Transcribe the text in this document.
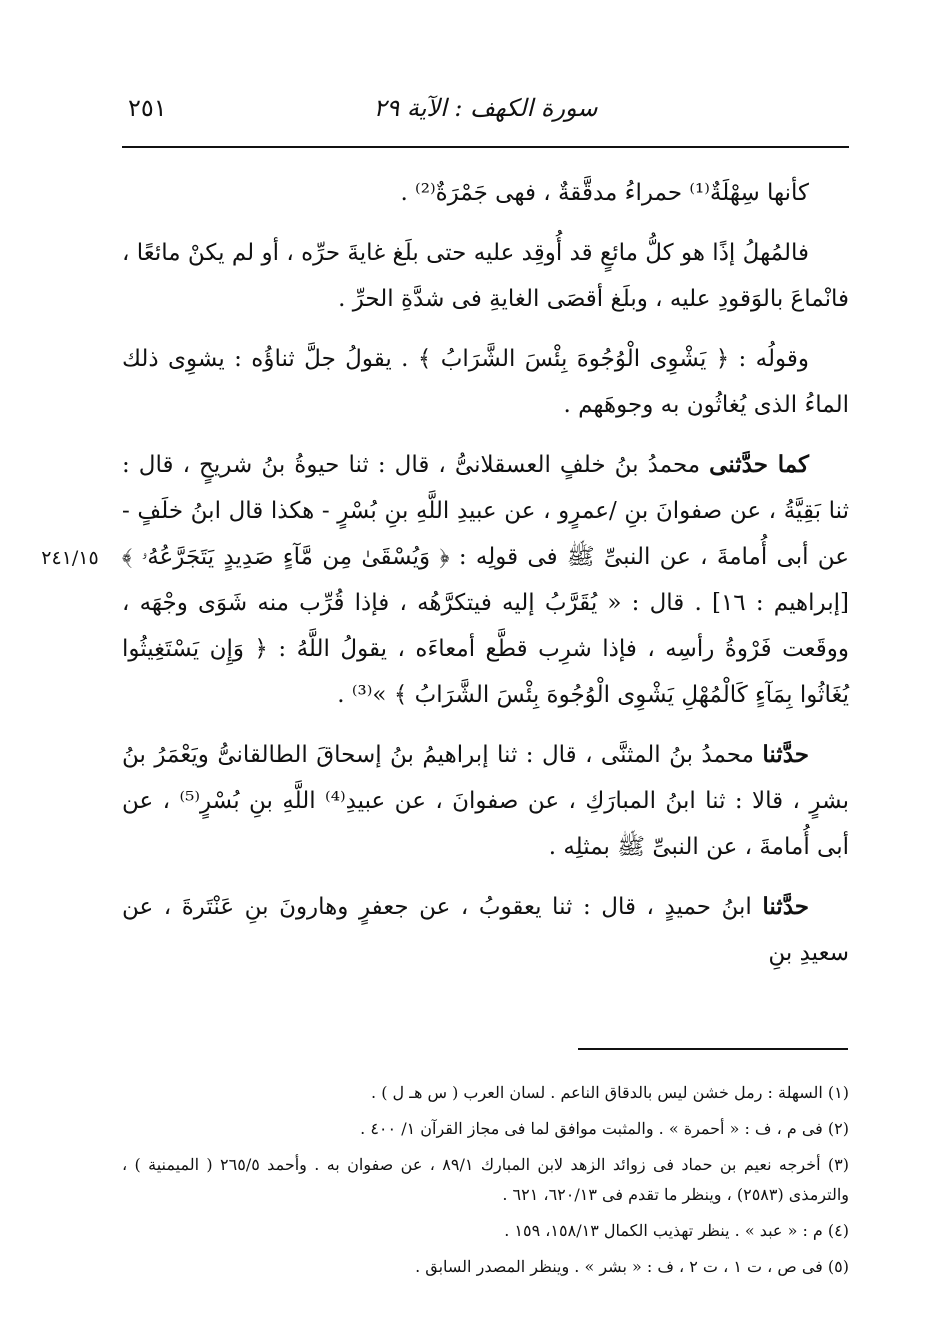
سورة الكهف : الآية ٢٩
٢٥١
٢٤١/١٥

كأنها سِهْلَةٌ⁽¹⁾ حمراءُ مدقَّقةٌ ، فهى جَمْرَةٌ⁽²⁾ .

فالمُهلُ إذًا هو كلُّ مائعٍ قد أُوقِد عليه حتى بلَغ غايةَ حرِّه ، أو لم يكنْ مائعًا ، فانْماعَ بالوَقودِ عليه ، وبلَغ أقصَى الغايةِ فى شدَّةِ الحرِّ .

وقولُه : ﴿ يَشْوِى الْوُجُوهَ بِئْسَ الشَّرَابُ ﴾ . يقولُ جلَّ ثناؤُه : يشوِى ذلك الماءُ الذى يُغاثُون به وجوهَهم .

كما حدَّثنى محمدُ بنُ خلفٍ العسقلانىُّ ، قال : ثنا حيوةُ بنُ شريحٍ ، قال : ثنا بَقِيَّةُ ، عن صفوانَ بنِ /عمرٍو ، عن عبيدِ اللَّهِ بنِ بُسْرٍ - هكذا قال ابنُ خلَفٍ - عن أبى أُمامةَ ، عن النبىِّ ﷺ فى قولِه : ﴿ وَيُسْقَىٰ مِن مَّآءٍ صَدِيدٍ يَتَجَرَّعُهُۥ ﴾ [إبراهيم : ١٦] . قال : « يُقَرَّبُ إليه فيتكرَّهُه ، فإذا قُرِّب منه شَوَى وجْهَه ، ووقَعت فَرْوةُ رأسِه ، فإذا شرِب قطَّع أمعاءَه ، يقولُ اللَّهُ : ﴿ وَإِن يَسْتَغِيثُوا يُغَاثُوا بِمَآءٍ كَالْمُهْلِ يَشْوِى الْوُجُوهَ بِئْسَ الشَّرَابُ ﴾ »⁽³⁾ .

حدَّثنا محمدُ بنُ المثنَّى ، قال : ثنا إبراهيمُ بنُ إسحاقَ الطالقانىُّ ويَعْمَرُ بنُ بشرٍ ، قالا : ثنا ابنُ المبارَكِ ، عن صفوانَ ، عن عبيدِ⁽⁴⁾ اللَّهِ بنِ بُسْرٍ⁽⁵⁾ ، عن أبى أُمامةَ ، عن النبىِّ ﷺ بمثلِه .

حدَّثنا ابنُ حميدٍ ، قال : ثنا يعقوبُ ، عن جعفرٍ وهارونَ بنِ عَنْتَرةَ ، عن سعيدِ بنِ

(١) السهلة : رمل خشن ليس بالدقاق الناعم . لسان العرب ( س هـ ل ) .

(٢) فى م ، ف : « أحمرة » . والمثبت موافق لما فى مجاز القرآن ١/ ٤٠٠ .

(٣) أخرجه نعيم بن حماد فى زوائد الزهد لابن المبارك ٨٩/١ ، عن صفوان به . وأحمد ٢٦٥/٥ ( الميمنية ) ، والترمذى (٢٥٨٣) ، وينظر ما تقدم فى ٦٢٠/١٣، ٦٢١ .

(٤) م : « عبد » . ينظر تهذيب الكمال ١٥٨/١٣، ١٥٩ .

(٥) فى ص ، ت ١ ، ت ٢ ، ف : « بشر » . وينظر المصدر السابق .
